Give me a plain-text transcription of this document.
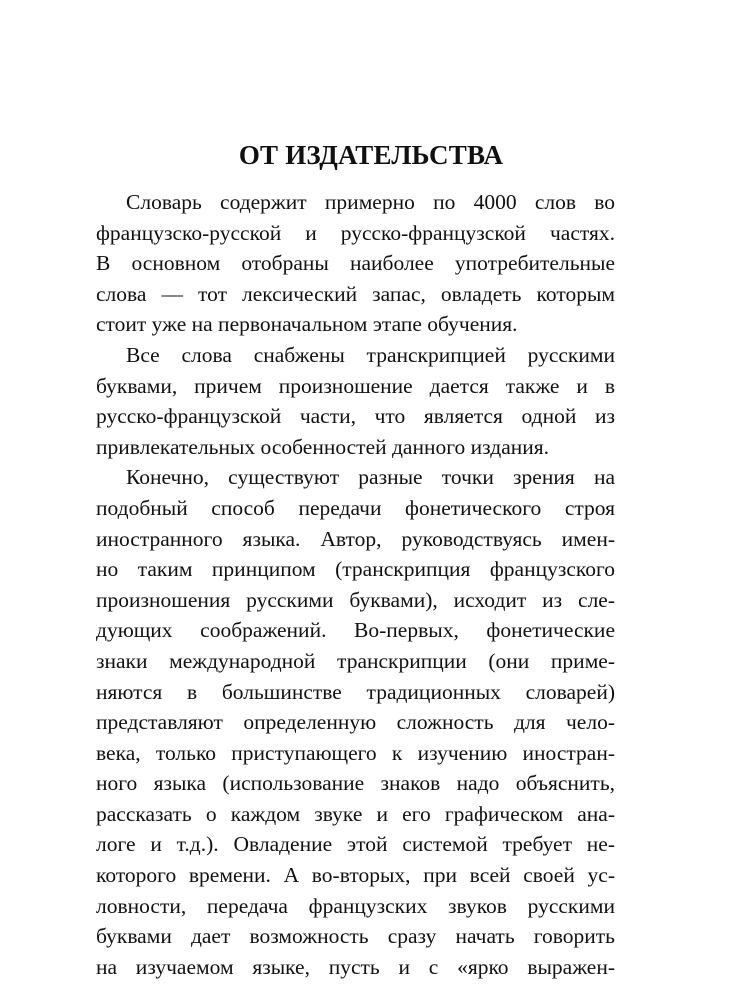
ОТ ИЗДАТЕЛЬСТВА
Словарь содержит примерно по 4000 слов во
французско-русской и русско-французской частях.
В основном отобраны наиболее употребительные
слова — тот лексический запас, овладеть которым
стоит уже на первоначальном этапе обучения.
Все слова снабжены транскрипцией русскими
буквами, причем произношение дается также и в
русско-французской части, что является одной из
привлекательных особенностей данного издания.
Конечно, существуют разные точки зрения на
подобный способ передачи фонетического строя
иностранного языка. Автор, руководствуясь имен-
но таким принципом (транскрипция французского
произношения русскими буквами), исходит из сле-
дующих соображений. Во-первых, фонетические
знаки международной транскрипции (они приме-
няются в большинстве традиционных словарей)
представляют определенную сложность для чело-
века, только приступающего к изучению иностран-
ного языка (использование знаков надо объяснить,
рассказать о каждом звуке и его графическом ана-
логе и т.д.). Овладение этой системой требует не-
которого времени. А во-вторых, при всей своей ус-
ловности, передача французских звуков русскими
буквами дает возможность сразу начать говорить
на изучаемом языке, пусть и с «ярко выражен-
